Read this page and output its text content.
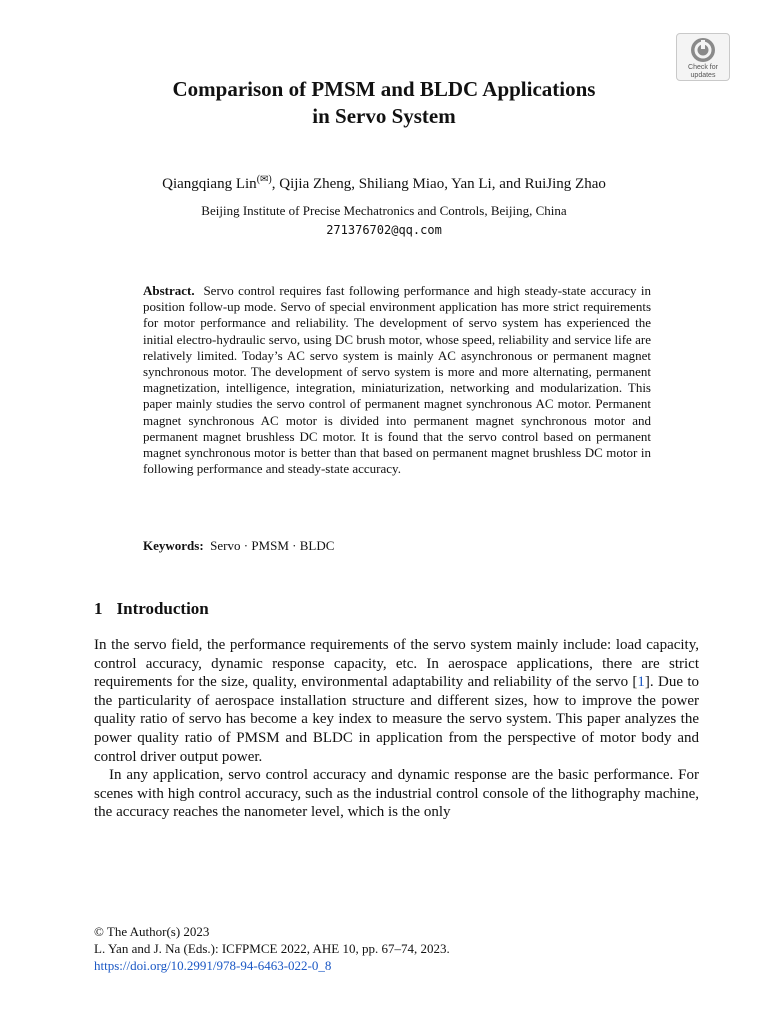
Check for
updates
Comparison of PMSM and BLDC Applications
in Servo System
Qiangqiang Lin(✉), Qijia Zheng, Shiliang Miao, Yan Li, and RuiJing Zhao
Beijing Institute of Precise Mechatronics and Controls, Beijing, China
271376702@qq.com

Abstract. Servo control requires fast following performance and high steady-state accuracy in position follow-up mode. Servo of special environment application has more strict requirements for motor performance and reliability. The development of servo system has experienced the initial electro-hydraulic servo, using DC brush motor, whose speed, reliability and service life are relatively limited. Today’s AC servo system is mainly AC asynchronous or permanent magnet synchronous motor. The development of servo system is more and more alternating, permanent magnetization, intelligence, integration, miniaturization, networking and modularization. This paper mainly studies the servo control of permanent magnet synchronous AC motor. Permanent magnet synchronous AC motor is divided into permanent magnet synchronous motor and permanent magnet brushless DC motor. It is found that the servo control based on permanent magnet synchronous motor is better than that based on permanent magnet brushless DC motor in following performance and steady-state accuracy.

Keywords: Servo · PMSM · BLDC
1 Introduction

In the servo field, the performance requirements of the servo system mainly include: load capacity, control accuracy, dynamic response capacity, etc. In aerospace applications, there are strict requirements for the size, quality, environmental adaptability and reliability of the servo [1]. Due to the particularity of aerospace installation structure and different sizes, how to improve the power quality ratio of servo has become a key index to measure the servo system. This paper analyzes the power quality ratio of PMSM and BLDC in application from the perspective of motor body and control driver output power.

In any application, servo control accuracy and dynamic response are the basic performance. For scenes with high control accuracy, such as the industrial control console of the lithography machine, the accuracy reaches the nanometer level, which is the only

© The Author(s) 2023
L. Yan and J. Na (Eds.): ICFPMCE 2022, AHE 10, pp. 67–74, 2023.
https://doi.org/10.2991/978-94-6463-022-0_8
